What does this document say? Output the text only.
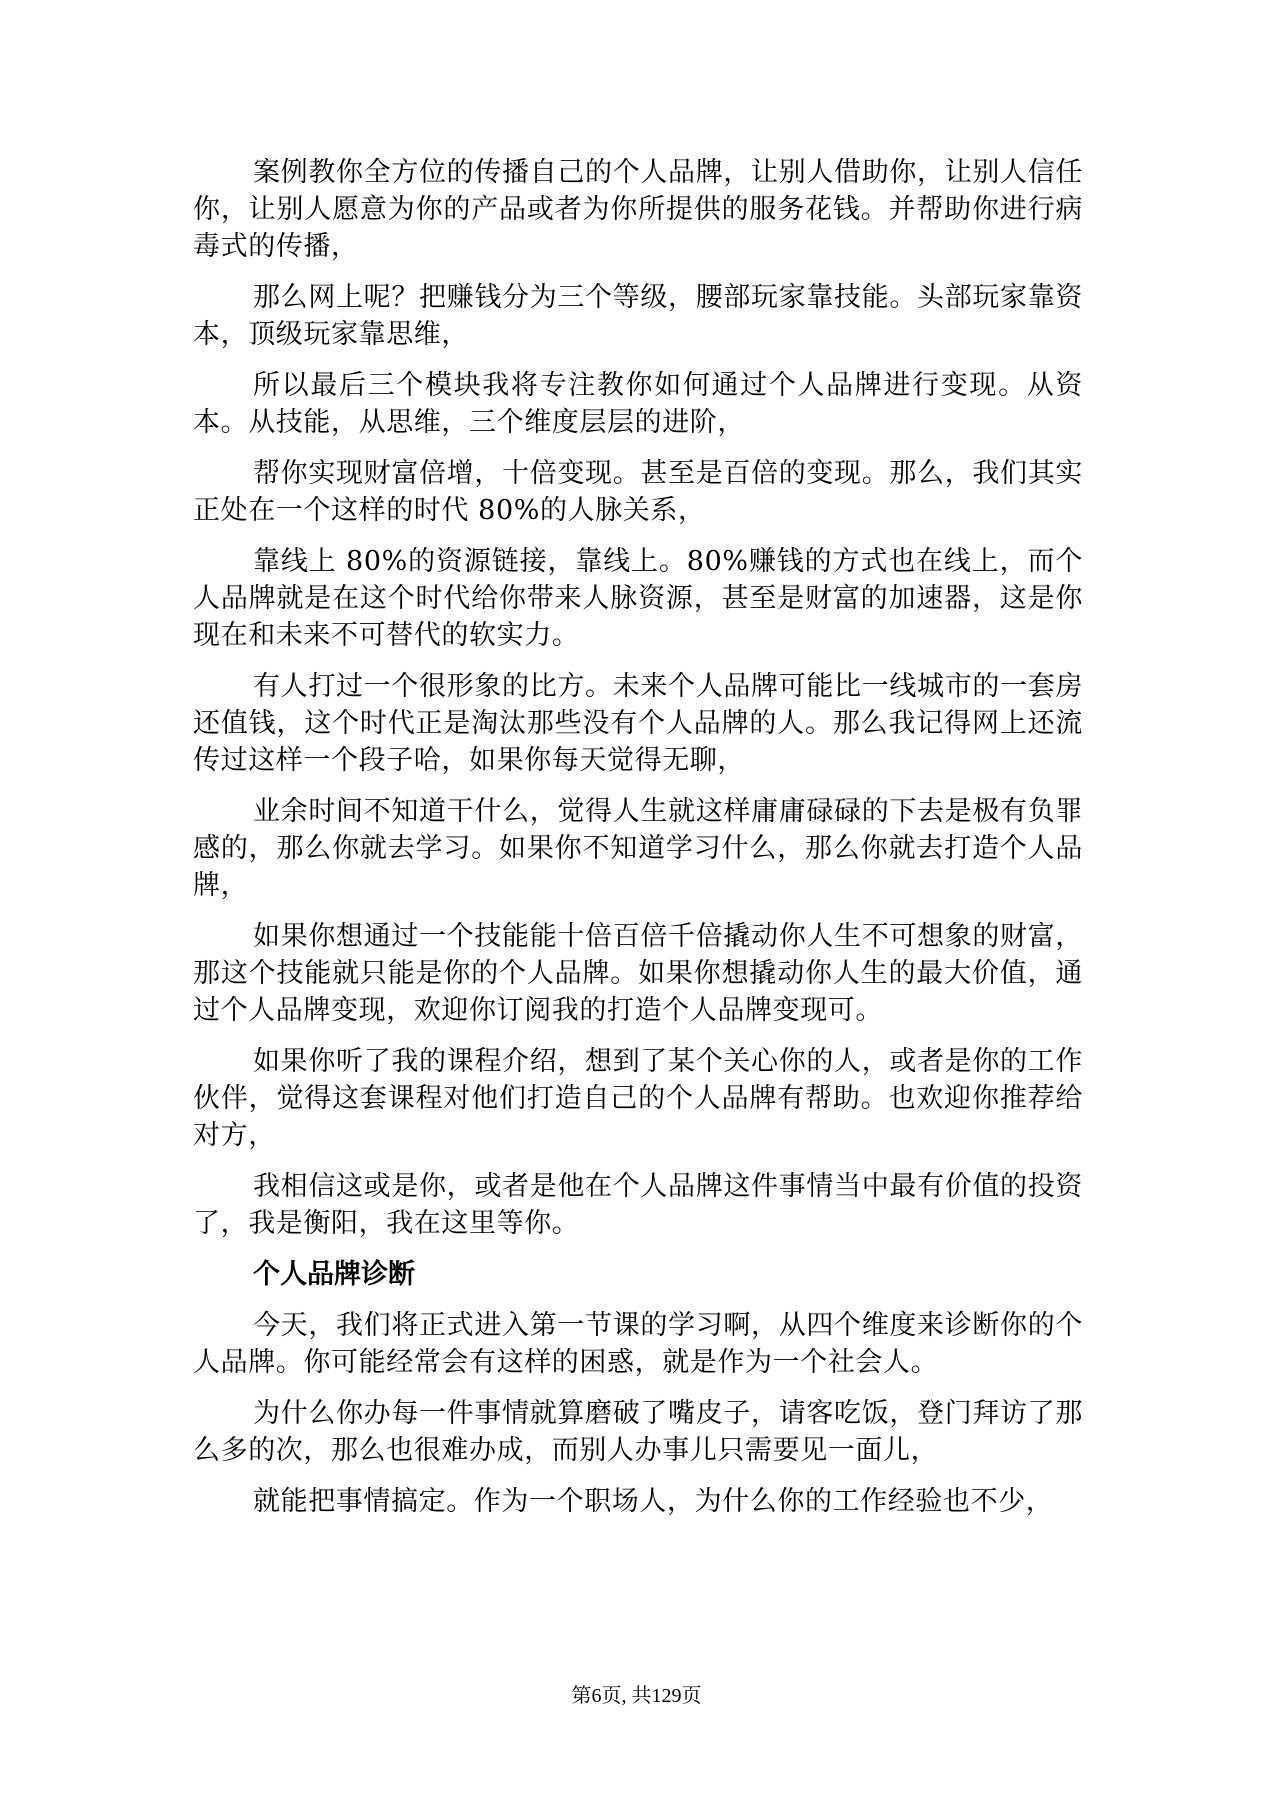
案例教你全方位的传播自己的个人品牌，让别人借助你，让别人信任你，让别人愿意为你的产品或者为你所提供的服务花钱。并帮助你进行病毒式的传播，

那么网上呢？把赚钱分为三个等级，腰部玩家靠技能。头部玩家靠资本，顶级玩家靠思维，

所以最后三个模块我将专注教你如何通过个人品牌进行变现。从资本。从技能，从思维，三个维度层层的进阶，

帮你实现财富倍增，十倍变现。甚至是百倍的变现。那么，我们其实正处在一个这样的时代 80%的人脉关系，

靠线上 80%的资源链接，靠线上。80%赚钱的方式也在线上，而个人品牌就是在这个时代给你带来人脉资源，甚至是财富的加速器，这是你现在和未来不可替代的软实力。

有人打过一个很形象的比方。未来个人品牌可能比一线城市的一套房还值钱，这个时代正是淘汰那些没有个人品牌的人。那么我记得网上还流传过这样一个段子哈，如果你每天觉得无聊，

业余时间不知道干什么，觉得人生就这样庸庸碌碌的下去是极有负罪感的，那么你就去学习。如果你不知道学习什么，那么你就去打造个人品牌，

如果你想通过一个技能能十倍百倍千倍撬动你人生不可想象的财富，那这个技能就只能是你的个人品牌。如果你想撬动你人生的最大价值，通过个人品牌变现，欢迎你订阅我的打造个人品牌变现可。

如果你听了我的课程介绍，想到了某个关心你的人，或者是你的工作伙伴，觉得这套课程对他们打造自己的个人品牌有帮助。也欢迎你推荐给对方，

我相信这或是你，或者是他在个人品牌这件事情当中最有价值的投资了，我是衡阳，我在这里等你。

个人品牌诊断

今天，我们将正式进入第一节课的学习啊，从四个维度来诊断你的个人品牌。你可能经常会有这样的困惑，就是作为一个社会人。

为什么你办每一件事情就算磨破了嘴皮子，请客吃饭，登门拜访了那么多的次，那么也很难办成，而别人办事儿只需要见一面儿，

就能把事情搞定。作为一个职场人，为什么你的工作经验也不少，

第6页, 共129页
